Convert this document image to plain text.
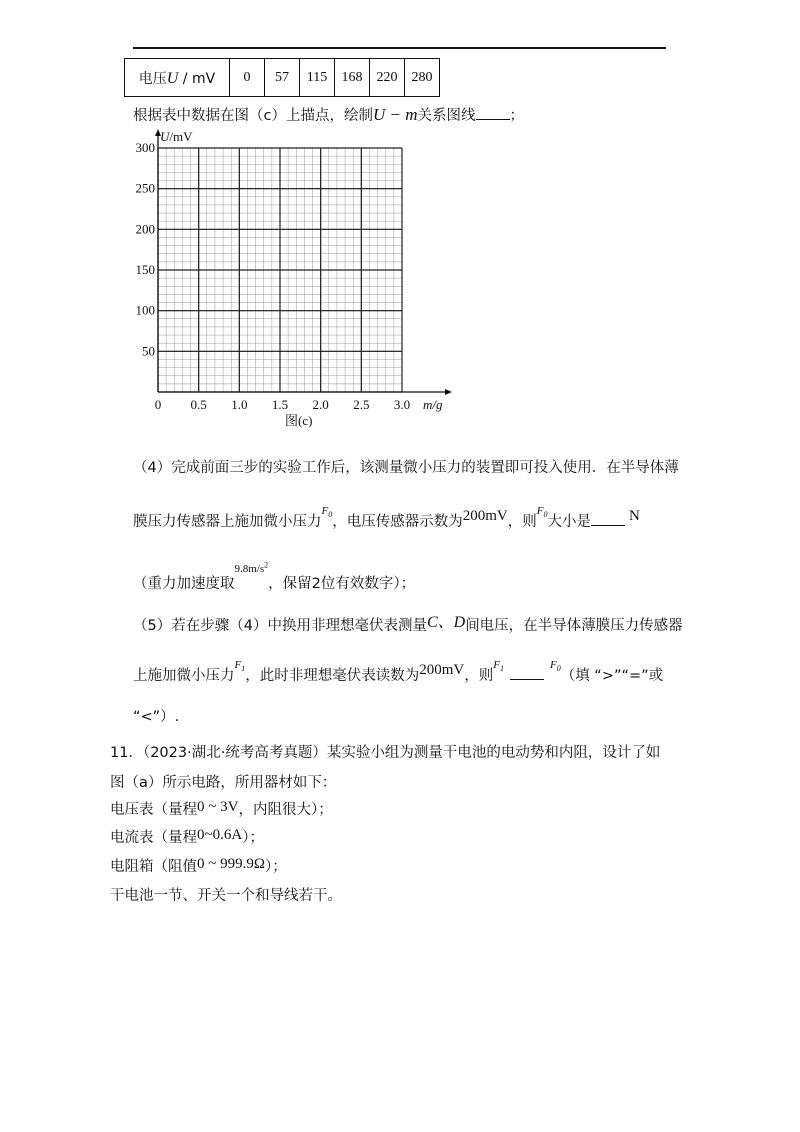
电压U / mV	0	57	115	168	220	280
根据表中数据在图（c）上描点，绘制U − m关系图线 ；
0 0.5 1.0 1.5 2.0 2.5 3.0
50
100
150
200
250
300
U/mV
m/g
图(c)
（4）完成前面三步的实验工作后，该测量微小压力的装置即可投入使用．在半导体薄
膜压力传感器上施加微小压力$^{F_0}$，电压传感器示数为200mV，则$^{F_0}$大小是	N
（重力加速度取$^{9.8m/s^2}$，保留2位有效数字）；
（5）若在步骤（4）中换用非理想毫伏表测量C、D间电压，在半导体薄膜压力传感器
上施加微小压力$^{F_1}$，此时非理想毫伏表读数为200mV，则$^{F_1}$	$^{F_0}$（填 “>”“=”或
“<”）.
11．（2023·湖北·统考高考真题）某实验小组为测量干电池的电动势和内阻，设计了如
图（a）所示电路，所用器材如下：
电压表（量程0 ~ 3V，内阻很大）；
电流表（量程0~0.6A）；
电阻箱（阻值0 ~ 999.9Ω）；
干电池一节、开关一个和导线若干。
